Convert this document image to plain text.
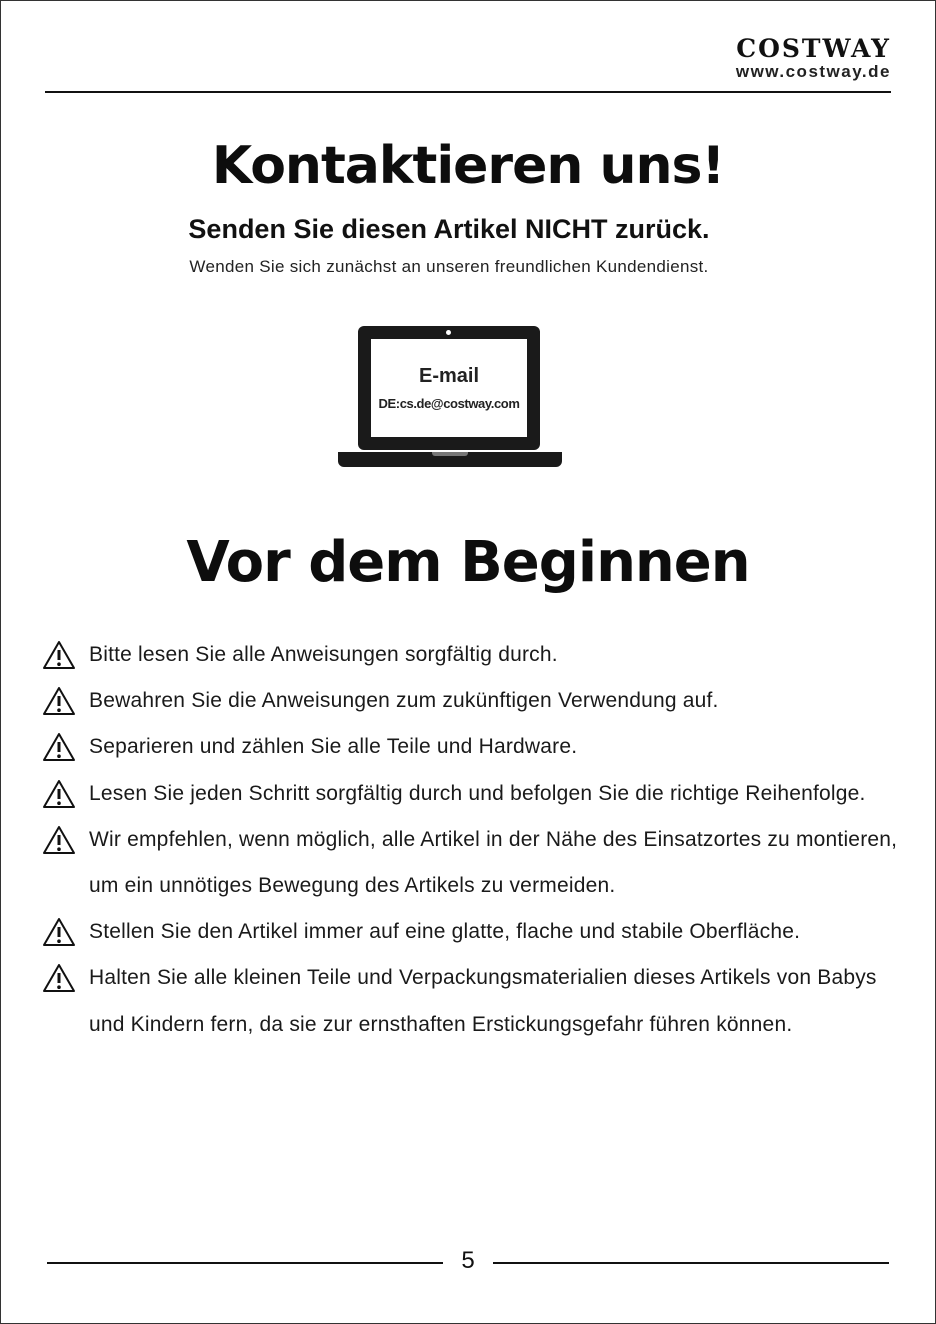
COSTWAY
www.costway.de
Kontaktieren uns!
Senden Sie diesen Artikel NICHT zurück.
Wenden Sie sich zunächst an unseren freundlichen Kundendienst.
E-mail
DE:cs.de@costway.com
Vor dem Beginnen
Bitte lesen Sie alle Anweisungen sorgfältig durch.
Bewahren Sie die Anweisungen zum zukünftigen Verwendung auf.
Separieren und zählen Sie alle Teile und Hardware.
Lesen Sie jeden Schritt sorgfältig durch und befolgen Sie die richtige Reihenfolge.
Wir empfehlen, wenn möglich, alle Artikel in der Nähe des Einsatzortes zu montieren, um ein unnötiges Bewegung des Artikels zu vermeiden.
Stellen Sie den Artikel immer auf eine glatte, flache und stabile Oberfläche.
Halten Sie alle kleinen Teile und Verpackungsmaterialien dieses Artikels von Babys und Kindern fern, da sie zur ernsthaften Erstickungsgefahr führen können.
5
